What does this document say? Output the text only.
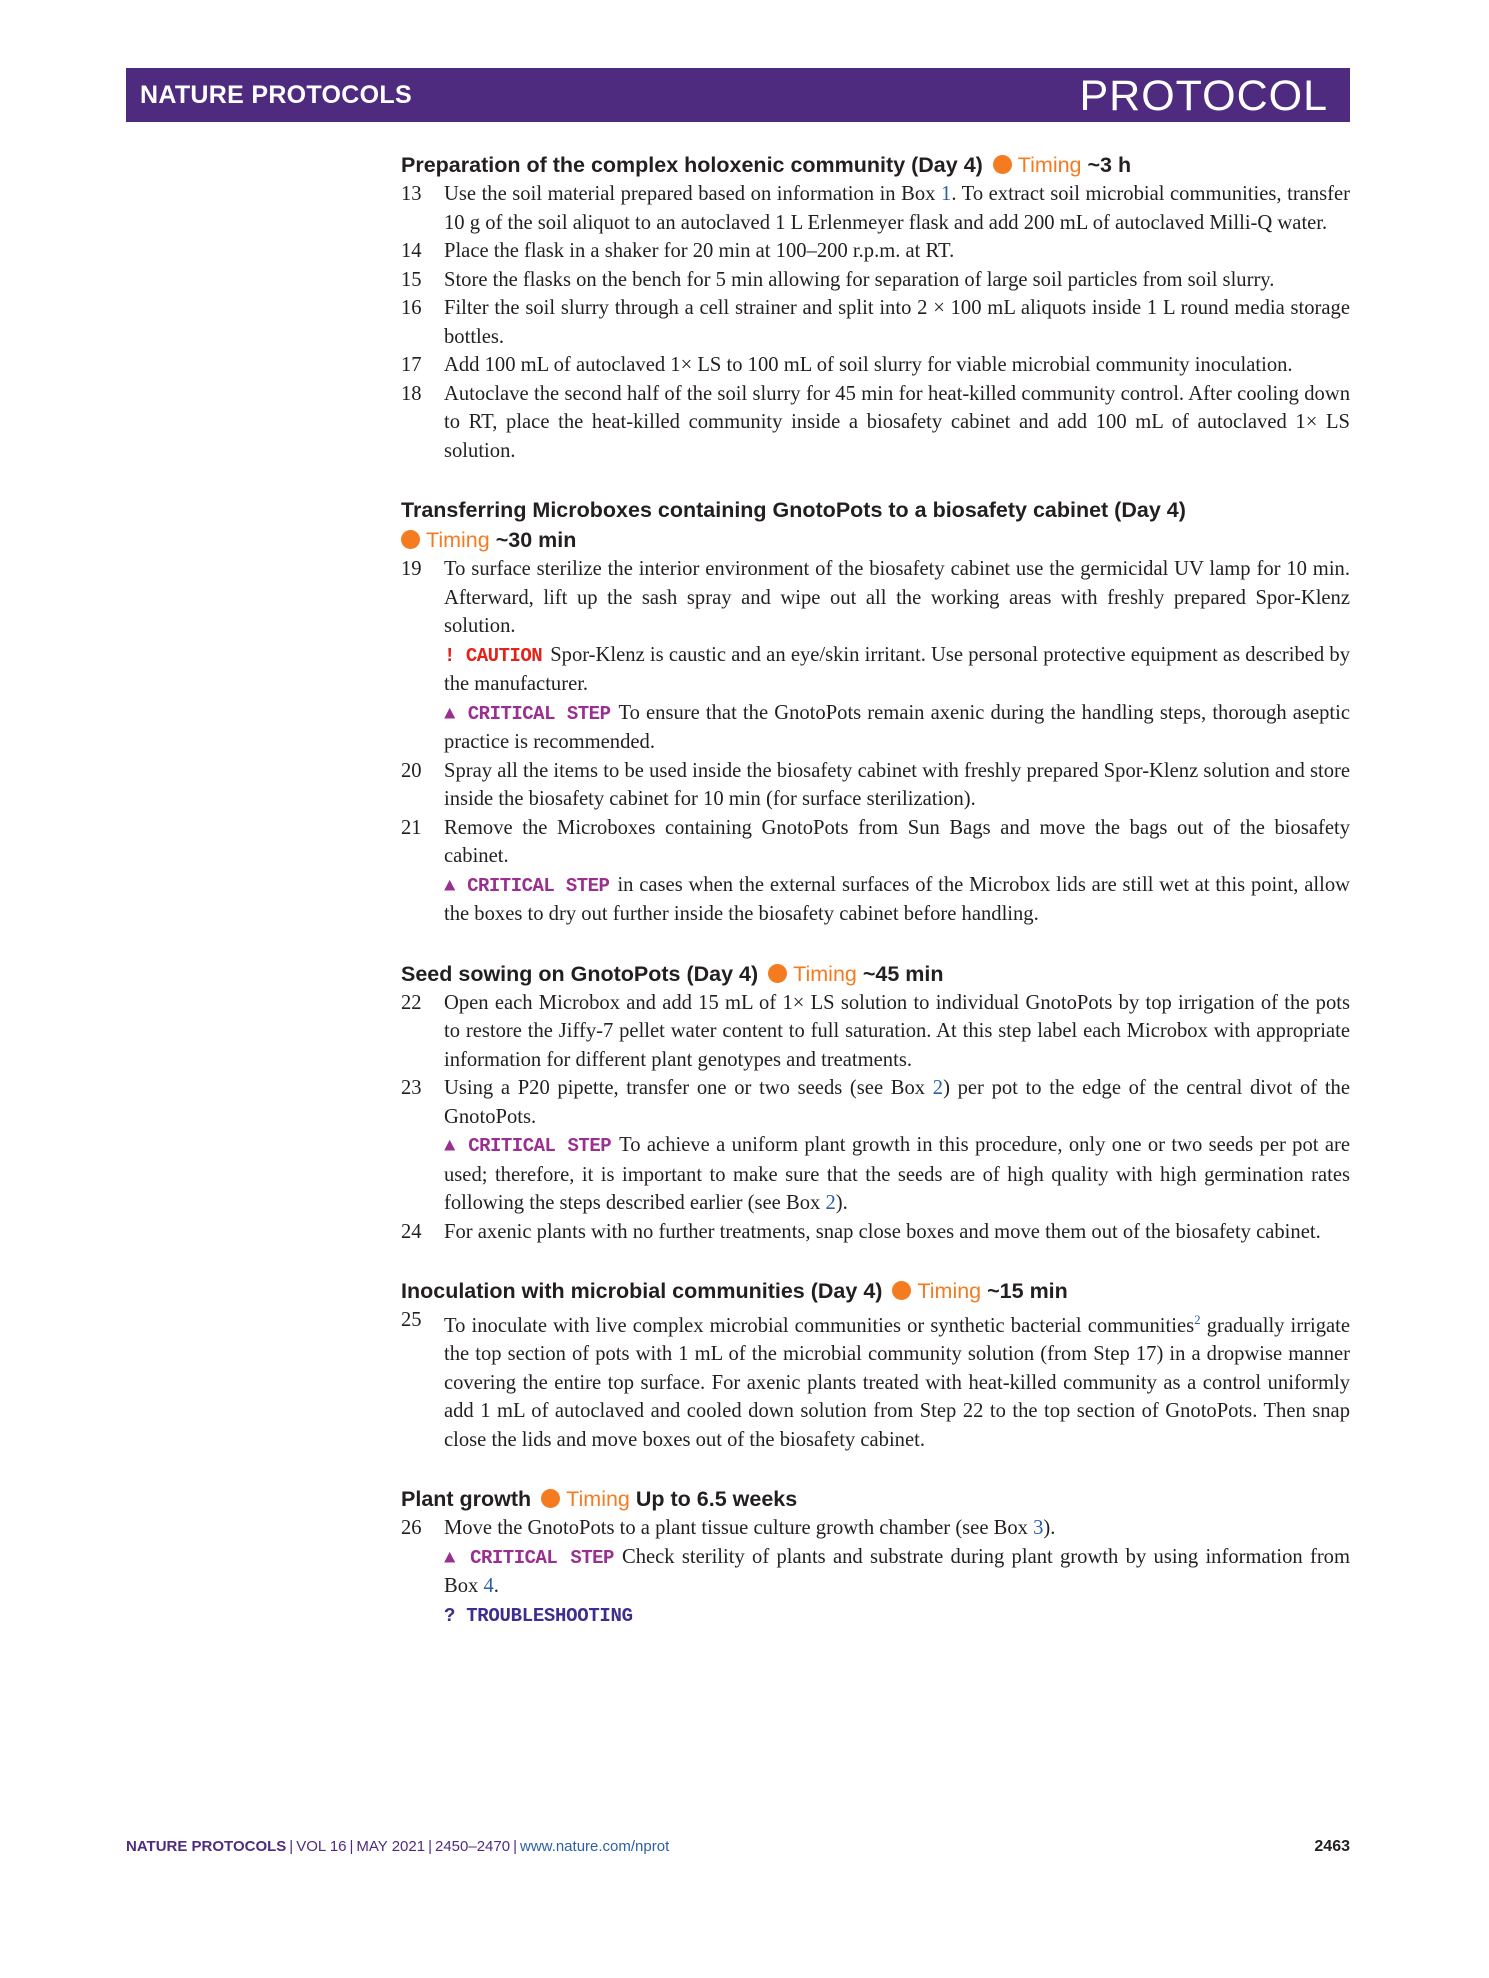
NATURE PROTOCOLS	PROTOCOL

Preparation of the complex holoxenic community (Day 4) Timing ~3 h

13 Use the soil material prepared based on information in Box 1. To extract soil microbial communities, transfer 10 g of the soil aliquot to an autoclaved 1 L Erlenmeyer flask and add 200 mL of autoclaved Milli-Q water.

14 Place the flask in a shaker for 20 min at 100–200 r.p.m. at RT.

15 Store the flasks on the bench for 5 min allowing for separation of large soil particles from soil slurry.

16 Filter the soil slurry through a cell strainer and split into 2 × 100 mL aliquots inside 1 L round media storage bottles.

17 Add 100 mL of autoclaved 1× LS to 100 mL of soil slurry for viable microbial community inoculation.

18 Autoclave the second half of the soil slurry for 45 min for heat-killed community control. After cooling down to RT, place the heat-killed community inside a biosafety cabinet and add 100 mL of autoclaved 1× LS solution.

Transferring Microboxes containing GnotoPots to a biosafety cabinet (Day 4)
Timing ~30 min

19 To surface sterilize the interior environment of the biosafety cabinet use the germicidal UV lamp for 10 min. Afterward, lift up the sash spray and wipe out all the working areas with freshly prepared Spor-Klenz solution.

! CAUTION Spor-Klenz is caustic and an eye/skin irritant. Use personal protective equipment as described by the manufacturer.

▲ CRITICAL STEP To ensure that the GnotoPots remain axenic during the handling steps, thorough aseptic practice is recommended.

20 Spray all the items to be used inside the biosafety cabinet with freshly prepared Spor-Klenz solution and store inside the biosafety cabinet for 10 min (for surface sterilization).

21 Remove the Microboxes containing GnotoPots from Sun Bags and move the bags out of the biosafety cabinet.

▲ CRITICAL STEP in cases when the external surfaces of the Microbox lids are still wet at this point, allow the boxes to dry out further inside the biosafety cabinet before handling.

Seed sowing on GnotoPots (Day 4) Timing ~45 min

22 Open each Microbox and add 15 mL of 1× LS solution to individual GnotoPots by top irrigation of the pots to restore the Jiffy-7 pellet water content to full saturation. At this step label each Microbox with appropriate information for different plant genotypes and treatments.

23 Using a P20 pipette, transfer one or two seeds (see Box 2) per pot to the edge of the central divot of the GnotoPots.

▲ CRITICAL STEP To achieve a uniform plant growth in this procedure, only one or two seeds per pot are used; therefore, it is important to make sure that the seeds are of high quality with high germination rates following the steps described earlier (see Box 2).

24 For axenic plants with no further treatments, snap close boxes and move them out of the biosafety cabinet.

Inoculation with microbial communities (Day 4) Timing ~15 min

25 To inoculate with live complex microbial communities or synthetic bacterial communities$^2$ gradually irrigate the top section of pots with 1 mL of the microbial community solution (from Step 17) in a dropwise manner covering the entire top surface. For axenic plants treated with heat-killed community as a control uniformly add 1 mL of autoclaved and cooled down solution from Step 22 to the top section of GnotoPots. Then snap close the lids and move boxes out of the biosafety cabinet.

Plant growth Timing Up to 6.5 weeks

26 Move the GnotoPots to a plant tissue culture growth chamber (see Box 3).

▲ CRITICAL STEP Check sterility of plants and substrate during plant growth by using information from Box 4.

? TROUBLESHOOTING

NATURE PROTOCOLS | VOL 16 | MAY 2021 | 2450–2470 | www.nature.com/nprot	2463
